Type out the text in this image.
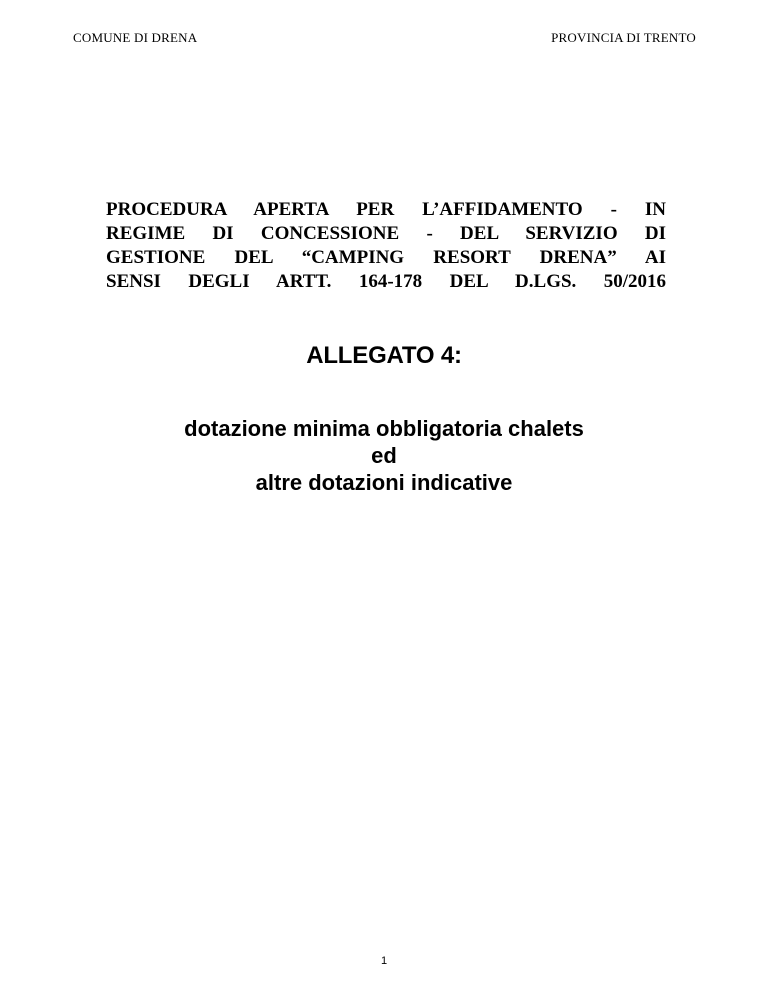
COMUNE DI DRENA	PROVINCIA DI TRENTO
PROCEDURA APERTA PER L’AFFIDAMENTO - IN
REGIME DI CONCESSIONE - DEL SERVIZIO DI
GESTIONE DEL “CAMPING RESORT DRENA” AI
SENSI DEGLI ARTT. 164-178 DEL D.LGS. 50/2016
ALLEGATO 4:
dotazione minima obbligatoria chalets
ed
altre dotazioni indicative
1
